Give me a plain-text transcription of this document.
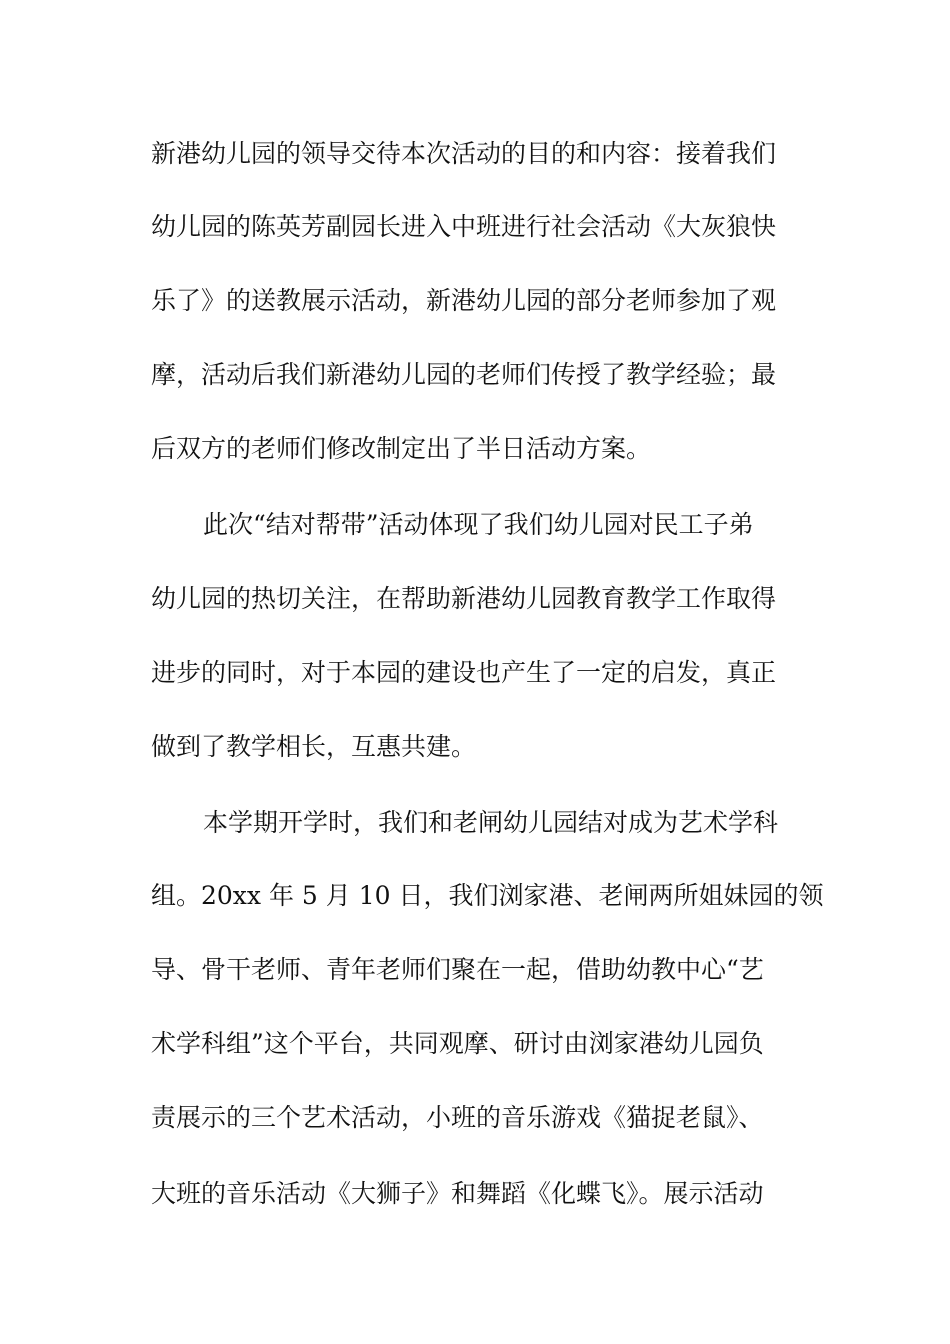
新港幼儿园的领导交待本次活动的目的和内容：接着我们
幼儿园的陈英芳副园长进入中班进行社会活动《大灰狼快
乐了》的送教展示活动，新港幼儿园的部分老师参加了观
摩，活动后我们新港幼儿园的老师们传授了教学经验；最
后双方的老师们修改制定出了半日活动方案。
此次“结对帮带”活动体现了我们幼儿园对民工子弟
幼儿园的热切关注，在帮助新港幼儿园教育教学工作取得
进步的同时，对于本园的建设也产生了一定的启发，真正
做到了教学相长，互惠共建。
本学期开学时，我们和老闸幼儿园结对成为艺术学科
组。20xx 年 5 月 10 日，我们浏家港、老闸两所姐妹园的领
导、骨干老师、青年老师们聚在一起，借助幼教中心“艺
术学科组”这个平台，共同观摩、研讨由浏家港幼儿园负
责展示的三个艺术活动，小班的音乐游戏《猫捉老鼠》、
大班的音乐活动《大狮子》和舞蹈《化蝶飞》。展示活动
